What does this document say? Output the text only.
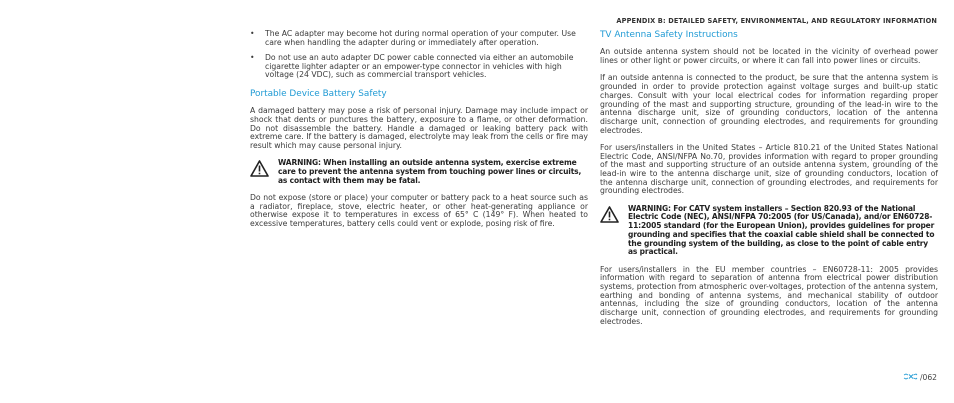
APPENDIX B: DETAILED SAFETY, ENVIRONMENTAL, AND REGULATORY INFORMATION
• The AC adapter may become hot during normal operation of your computer. Use care when handling the adapter during or immediately after operation.
• Do not use an auto adapter DC power cable connected via either an automobile cigarette lighter adapter or an empower-type connector in vehicles with high voltage (24 VDC), such as commercial transport vehicles.
Portable Device Battery Safety

A damaged battery may pose a risk of personal injury. Damage may include impact or shock that dents or punctures the battery, exposure to a flame, or other deformation. Do not disassemble the battery. Handle a damaged or leaking battery pack with extreme care. If the battery is damaged, electrolyte may leak from the cells or fire may result which may cause personal injury.

WARNING: When installing an outside antenna system, exercise extreme care to prevent the antenna system from touching power lines or circuits, as contact with them may be fatal.

Do not expose (store or place) your computer or battery pack to a heat source such as a radiator, fireplace, stove, electric heater, or other heat-generating appliance or otherwise expose it to temperatures in excess of 65° C (149° F). When heated to excessive temperatures, battery cells could vent or explode, posing risk of fire.

TV Antenna Safety Instructions

An outside antenna system should not be located in the vicinity of overhead power lines or other light or power circuits, or where it can fall into power lines or circuits.

If an outside antenna is connected to the product, be sure that the antenna system is grounded in order to provide protection against voltage surges and built-up static charges. Consult with your local electrical codes for information regarding proper grounding of the mast and supporting structure, grounding of the lead-in wire to the antenna discharge unit, size of grounding conductors, location of the antenna discharge unit, connection of grounding electrodes, and requirements for grounding electrodes.

For users/installers in the United States – Article 810.21 of the United States National Electric Code, ANSI/NFPA No.70, provides information with regard to proper grounding of the mast and supporting structure of an outside antenna system, grounding of the lead-in wire to the antenna discharge unit, size of grounding conductors, location of the antenna discharge unit, connection of grounding electrodes, and requirements for grounding electrodes.

WARNING: For CATV system installers – Section 820.93 of the National Electric Code (NEC), ANSI/NFPA 70:2005 (for US/Canada), and/or EN60728-11:2005 standard (for the European Union), provides guidelines for proper grounding and specifies that the coaxial cable shield shall be connected to the grounding system of the building, as close to the point of cable entry as practical.

For users/installers in the EU member countries – EN60728-11: 2005 provides information with regard to separation of antenna from electrical power distribution systems, protection from atmospheric over-voltages, protection of the antenna system, earthing and bonding of antenna systems, and mechanical stability of outdoor antennas, including the size of grounding conductors, location of the antenna discharge unit, connection of grounding electrodes, and requirements for grounding electrodes.

/ 062
